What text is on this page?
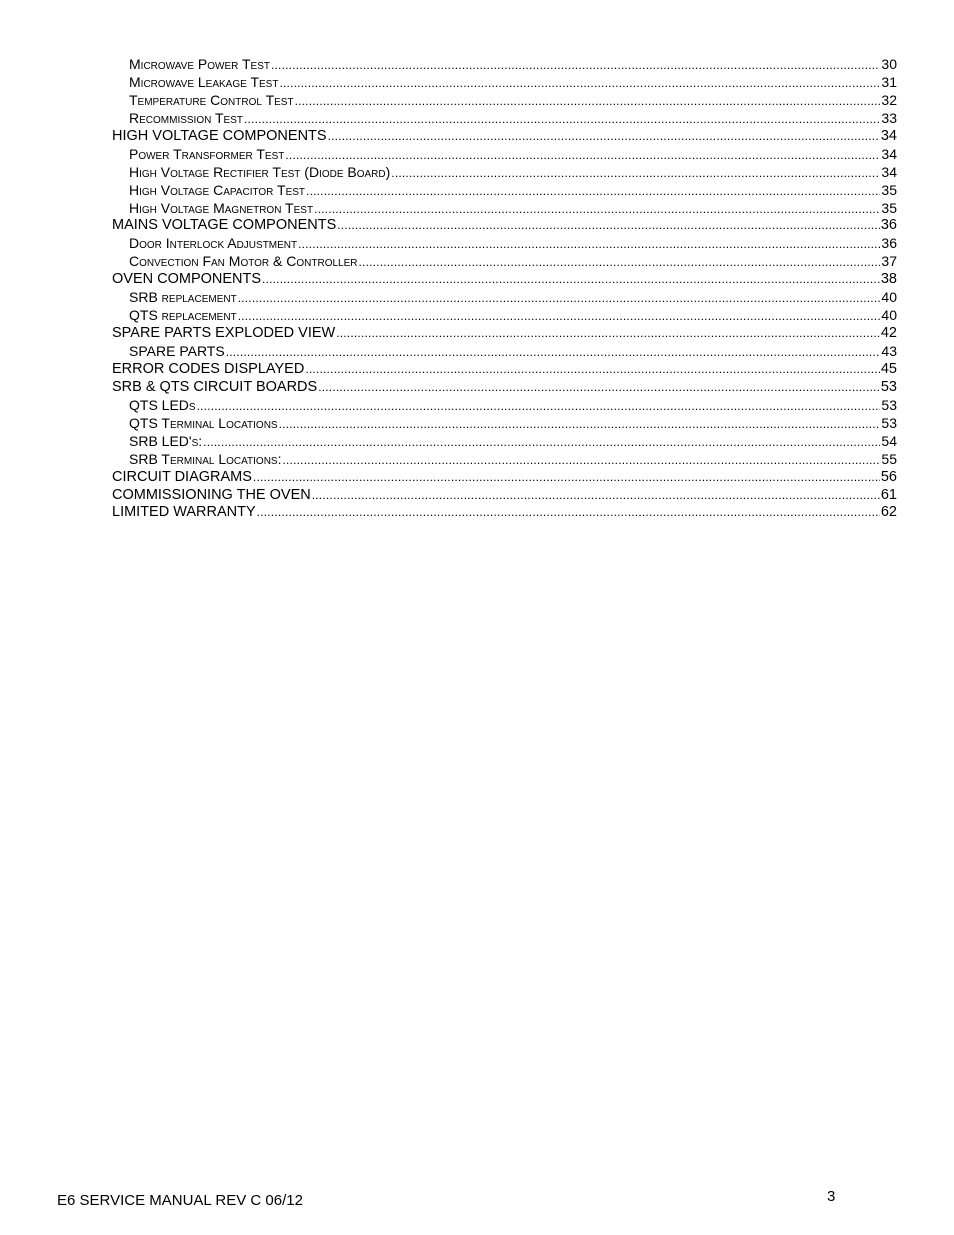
Microwave Power Test .....	30
Microwave Leakage Test .....	31
Temperature Control Test .....	32
Recommission Test .....	33
HIGH VOLTAGE COMPONENTS .....	34
Power Transformer Test .....	34
High Voltage Rectifier Test (Diode Board) .....	34
High Voltage Capacitor Test .....	35
High Voltage Magnetron Test .....	35
MAINS VOLTAGE COMPONENTS .....	36
Door Interlock Adjustment .....	36
Convection Fan Motor & Controller .....	37
OVEN COMPONENTS .....	38
SRB replacement .....	40
QTS replacement .....	40
SPARE PARTS EXPLODED VIEW .....	42
SPARE PARTS .....	43
ERROR CODES DISPLAYED .....	45
SRB & QTS CIRCUIT BOARDS .....	53
QTS LEDs .....	53
QTS Terminal Locations .....	53
SRB LED's: .....	54
SRB Terminal Locations: .....	55
CIRCUIT DIAGRAMS .....	56
COMMISSIONING THE OVEN .....	61
LIMITED WARRANTY .....	62
E6 SERVICE MANUAL REV C 06/12	3
